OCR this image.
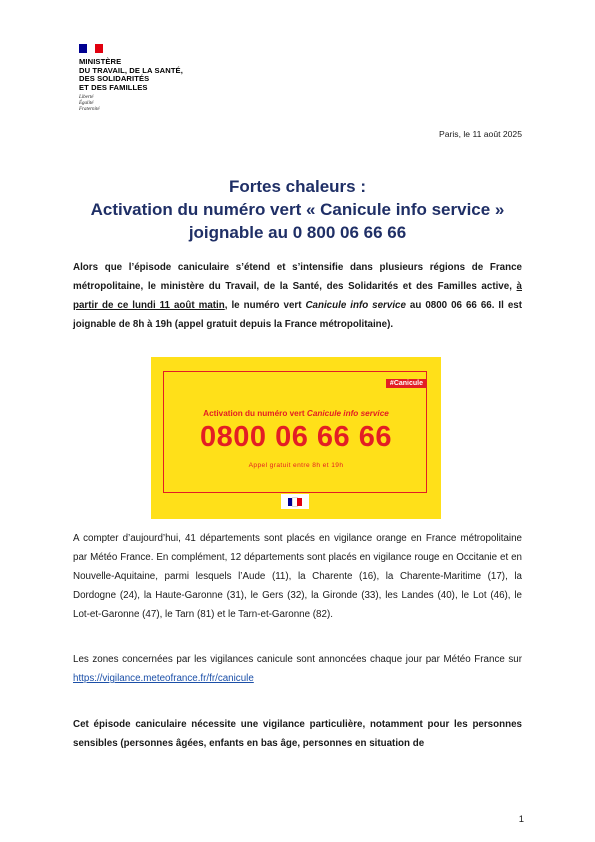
MINISTÈRE
DU TRAVAIL, DE LA SANTÉ,
DES SOLIDARITÉS
ET DES FAMILLES
Liberté
Égalité
Fraternité
Paris, le 11 août 2025
Fortes chaleurs :
Activation du numéro vert « Canicule info service »
joignable au 0 800 06 66 66
Alors que l’épisode caniculaire s’étend et s’intensifie dans plusieurs régions de France métropolitaine, le ministère du Travail, de la Santé, des Solidarités et des Familles active, à partir de ce lundi 11 août matin, le numéro vert Canicule info service au 0800 06 66 66. Il est joignable de 8h à 19h (appel gratuit depuis la France métropolitaine).
#Canicule
Activation du numéro vert Canicule info service
0800 06 66 66
Appel gratuit entre 8h et 19h
A compter d’aujourd’hui, 41 départements sont placés en vigilance orange en France métropolitaine par Météo France. En complément, 12 départements sont placés en vigilance rouge en Occitanie et en Nouvelle-Aquitaine, parmi lesquels l’Aude (11), la Charente (16), la Charente-Maritime (17), la Dordogne (24), la Haute-Garonne (31), le Gers (32), la Gironde (33), les Landes (40), le Lot (46), le Lot-et-Garonne (47), le Tarn (81) et le Tarn-et-Garonne (82).
Les zones concernées par les vigilances canicule sont annoncées chaque jour par Météo France sur https://vigilance.meteofrance.fr/fr/canicule
Cet épisode caniculaire nécessite une vigilance particulière, notamment pour les personnes sensibles (personnes âgées, enfants en bas âge, personnes en situation de
1
